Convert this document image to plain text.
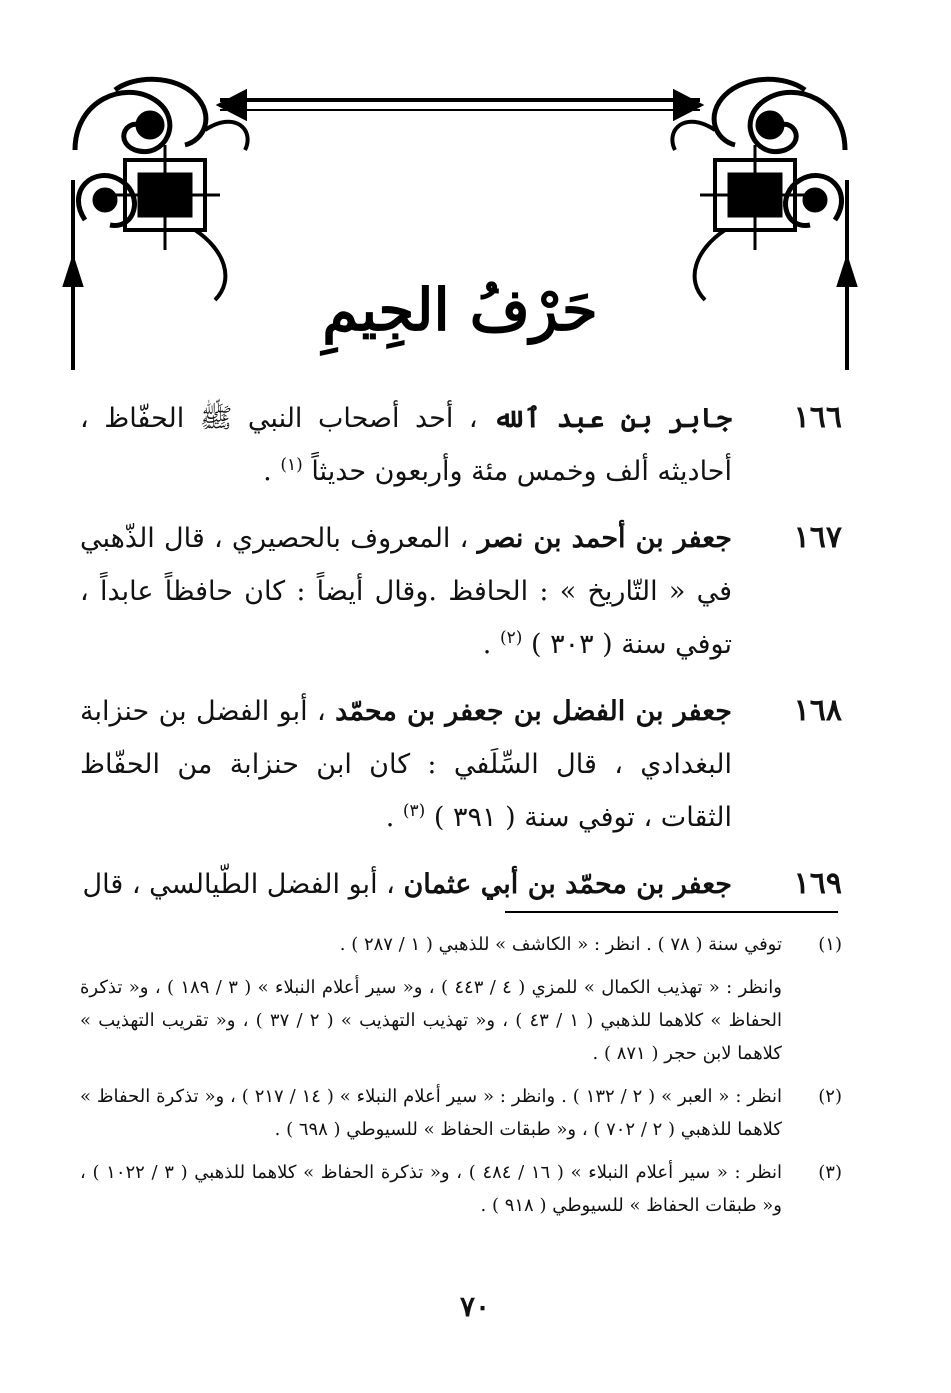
حَرْفُ الجِيمِ
١٦٦
جابر بن عبد ٱلله ، أحد أصحاب النبي ﷺ الحفّاظ ، أحاديثه ألف وخمس مئة وأربعون حديثاً $^{(١)}$ .
١٦٧
جعفر بن أحمد بن نصر ، المعروف بالحصيري ، قال الذّهبي في « التّاريخ » : الحافظ .وقال أيضاً : كان حافظاً عابداً ، توفي سنة ( ٣٠٣ ) $^{(٢)}$ .
١٦٨
جعفر بن الفضل بن جعفر بن محمّد ، أبو الفضل بن حنزابة البغدادي ، قال السِّلَفي : كان ابن حنزابة من الحفّاظ الثقات ، توفي سنة ( ٣٩١ ) $^{(٣)}$ .
١٦٩
جعفر بن محمّد بن أبي عثمان ، أبو الفضل الطّيالسي ، قال
(١)
توفي سنة ( ٧٨ ) . انظر : « الكاشف » للذهبي ( ١ / ٢٨٧ ) .
وانظر : « تهذيب الكمال » للمزي ( ٤ / ٤٤٣ ) ، و« سير أعلام النبلاء » ( ٣ / ١٨٩ ) ، و« تذكرة الحفاظ » كلاهما للذهبي ( ١ / ٤٣ ) ، و« تهذيب التهذيب » ( ٢ / ٣٧ ) ، و« تقريب التهذيب » كلاهما لابن حجر ( ٨٧١ ) .
(٢)
انظر : « العبر » ( ٢ / ١٣٢ ) . وانظر : « سير أعلام النبلاء » ( ١٤ / ٢١٧ ) ، و« تذكرة الحفاظ » كلاهما للذهبي ( ٢ / ٧٠٢ ) ، و« طبقات الحفاظ » للسيوطي ( ٦٩٨ ) .
(٣)
انظر : « سير أعلام النبلاء » ( ١٦ / ٤٨٤ ) ، و« تذكرة الحفاظ » كلاهما للذهبي ( ٣ / ١٠٢٢ ) ، و« طبقات الحفاظ » للسيوطي ( ٩١٨ ) .
٧٠
